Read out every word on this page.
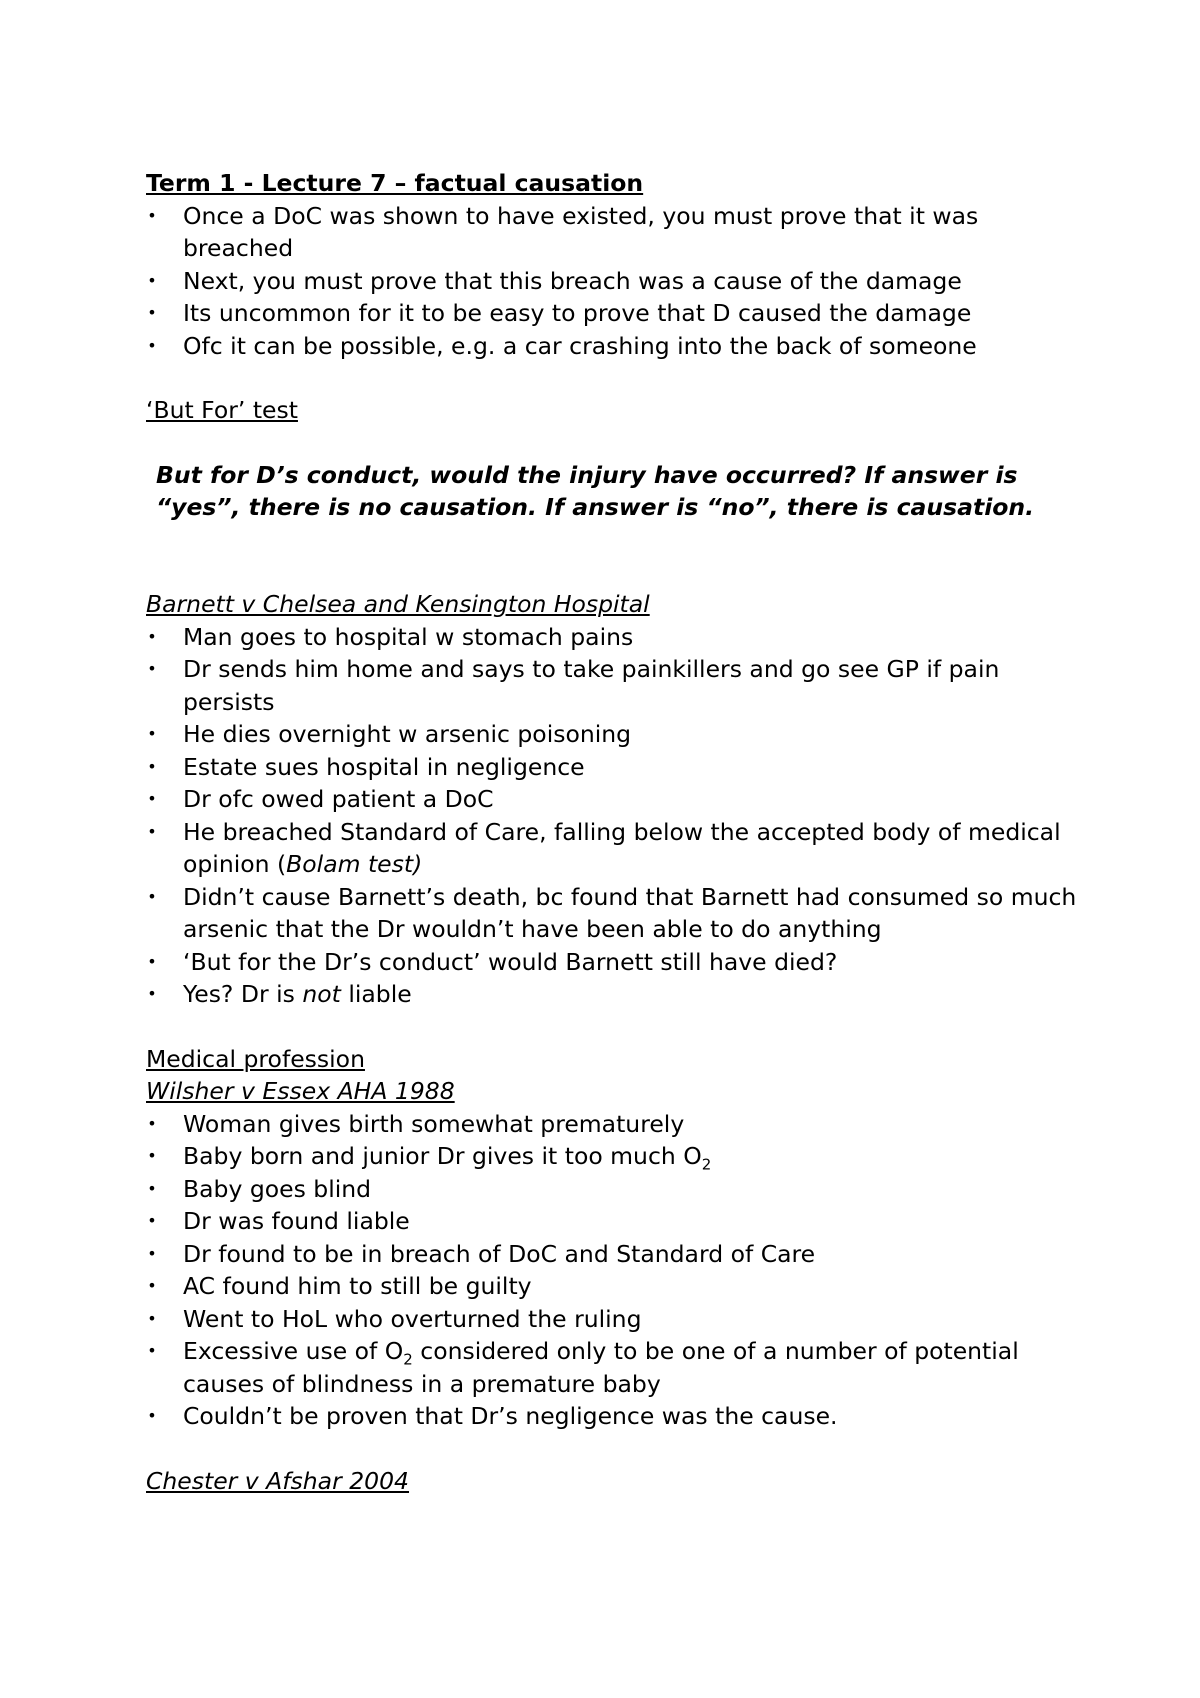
Term 1 - Lecture 7 – factual causation

• Once a DoC was shown to have existed, you must prove that it was breached
• Next, you must prove that this breach was a cause of the damage
• Its uncommon for it to be easy to prove that D caused the damage
• Ofc it can be possible, e.g. a car crashing into the back of someone

‘But For’ test

But for D’s conduct, would the injury have occurred? If answer is “yes”, there is no causation. If answer is “no”, there is causation.

Barnett v Chelsea and Kensington Hospital

• Man goes to hospital w stomach pains
• Dr sends him home and says to take painkillers and go see GP if pain persists
• He dies overnight w arsenic poisoning
• Estate sues hospital in negligence
• Dr ofc owed patient a DoC
• He breached Standard of Care, falling below the accepted body of medical opinion (Bolam test)
• Didn’t cause Barnett’s death, bc found that Barnett had consumed so much arsenic that the Dr wouldn’t have been able to do anything
• ‘But for the Dr’s conduct’ would Barnett still have died?
• Yes? Dr is not liable

Medical profession

Wilsher v Essex AHA 1988

• Woman gives birth somewhat prematurely
• Baby born and junior Dr gives it too much $O_2$
• Baby goes blind
• Dr was found liable
• Dr found to be in breach of DoC and Standard of Care
• AC found him to still be guilty
• Went to HoL who overturned the ruling
• Excessive use of $O_2$ considered only to be one of a number of potential causes of blindness in a premature baby
• Couldn’t be proven that Dr’s negligence was the cause.

Chester v Afshar 2004
